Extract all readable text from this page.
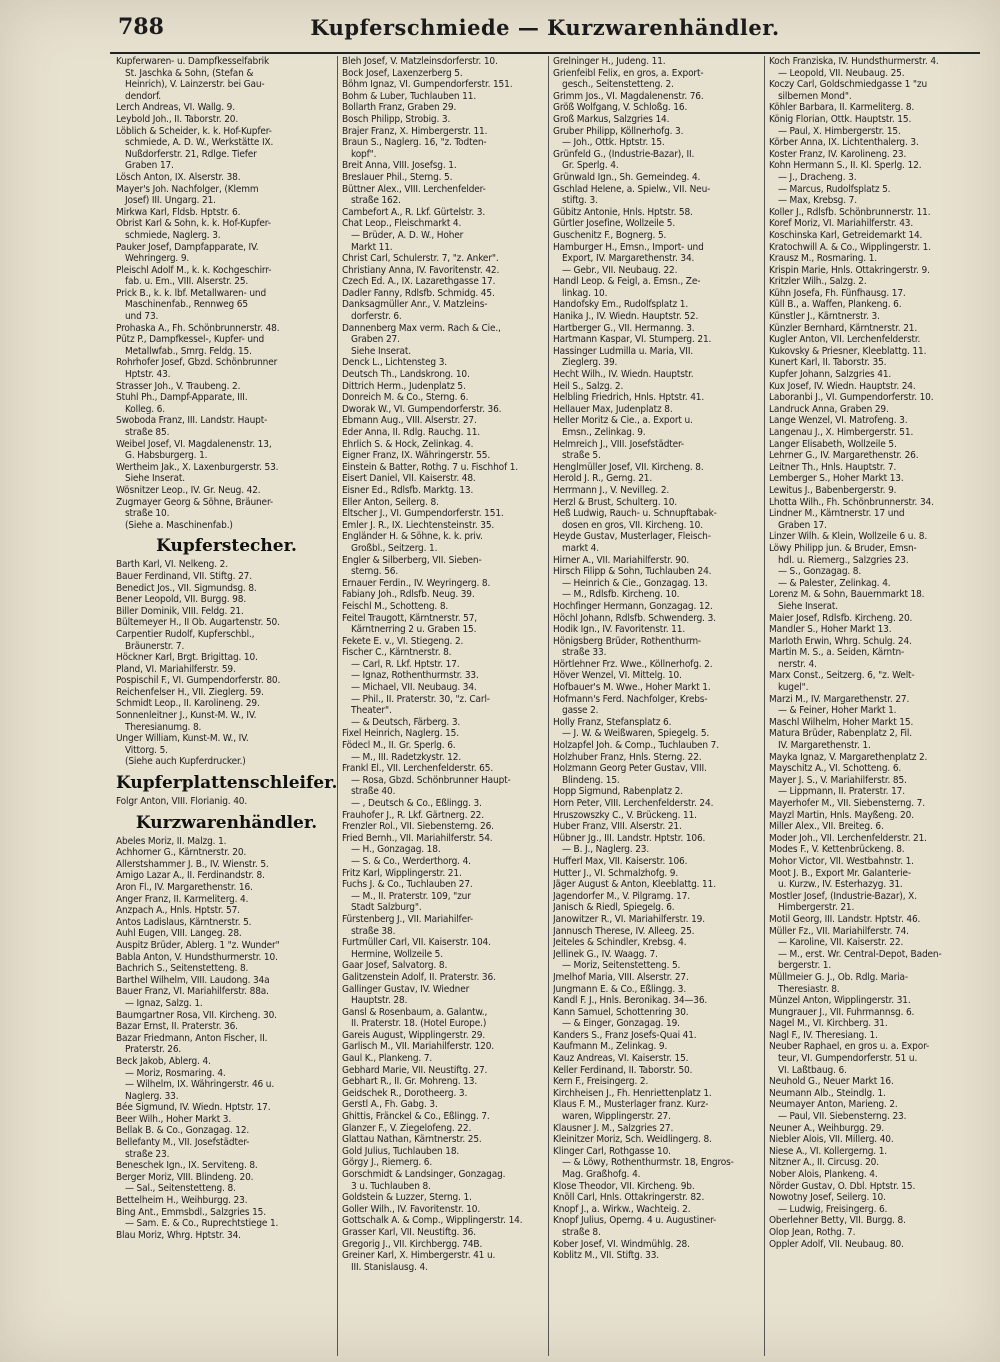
788	Kupferschmiede — Kurzwarenhändler.
Kupferwaren- u. Dampfkesselfabrik
St. Jaschka & Sohn, (Stefan &
Heinrich), V. Lainzerstr. bei Gau-
dendorf.
Lerch Andreas, VI. Wallg. 9.
Leybold Joh., II. Taborstr. 20.
Löblich & Scheider, k. k. Hof-Kupfer-
schmiede, A. D. W., Werkstätte IX.
Nußdorferstr. 21, Rdlge. Tiefer
Graben 17.
Lösch Anton, IX. Alserstr. 38.
Mayer's Joh. Nachfolger, (Klemm
Josef) III. Ungarg. 21.
Mirkwa Karl, Fldsb. Hptstr. 6.
Obrist Karl & Sohn, k. k. Hof-Kupfer-
schmiede, Naglerg. 3.
Pauker Josef, Dampfapparate, IV.
Wehringerg. 9.
Pleischl Adolf M., k. k. Kochgeschirr-
fab. u. Em., VIII. Alserstr. 25.
Prick B., k. k. lbf. Metallwaren- und
Maschinenfab., Rennweg 65
und 73.
Prohaska A., Fh. Schönbrunnerstr. 48.
Pütz P., Dampfkessel-, Kupfer- und
Metallwfab., Smrg. Feldg. 15.
Rohrhofer Josef, Gbzd. Schönbrunner
Hptstr. 43.
Strasser Joh., V. Traubeng. 2.
Stuhl Ph., Dampf-Apparate, III.
Kolleg. 6.
Swoboda Franz, III. Landstr. Haupt-
straße 85.
Weibel Josef, VI. Magdalenenstr. 13,
G. Habsburgerg. 1.
Wertheim Jak., X. Laxenburgerstr. 53.
Siehe Inserat.
Wösnitzer Leop., IV. Gr. Neug. 42.
Zugmayer Georg & Söhne, Bräuner-
straße 10.
(Siehe a. Maschinenfab.)
Kupferstecher.
Barth Karl, VI. Nelkeng. 2.
Bauer Ferdinand, VII. Stiftg. 27.
Benedict Jos., VII. Sigmundsg. 8.
Bener Leopold, VII. Burgg. 98.
Biller Dominik, VIII. Feldg. 21.
Bültemeyer H., II Ob. Augartenstr. 50.
Carpentier Rudolf, Kupferschbl.,
Bräunerstr. 7.
Höckner Karl, Brgt. Brigittag. 10.
Pland, VI. Mariahilferstr. 59.
Pospischil F., VI. Gumpendorferstr. 80.
Reichenfelser H., VII. Zieglerg. 59.
Schmidt Leop., II. Karolineng. 29.
Sonnenleitner J., Kunst-M. W., IV.
Theresianumg. 8.
Unger William, Kunst-M. W., IV.
Vittorg. 5.
(Siehe auch Kupferdrucker.)
Kupferplattenschleifer.
Folgr Anton, VIII. Florianig. 40.
Kurzwarenhändler.
Abeles Moriz, II. Malzg. 1.
Achhorner G., Kärntnerstr. 20.
Allerstshammer J. B., IV. Wienstr. 5.
Amigo Lazar A., II. Ferdinandstr. 8.
Aron Fl., IV. Margarethenstr. 16.
Anger Franz, II. Karmeliterg. 4.
Anzpach A., Hnls. Hptstr. 57.
Antos Ladislaus, Kärntnerstr. 5.
Auhl Eugen, VIII. Langeg. 28.
Auspitz Brüder, Ablerg. 1 "z. Wunder"
Babla Anton, V. Hundsthurmerstr. 10.
Bachrich S., Seitenstetteng. 8.
Barthel Wilhelm, VIII. Laudong. 34a
Bauer Franz, VI. Mariahilferstr. 88a.
— Ignaz, Salzg. 1.
Baumgartner Rosa, VII. Kircheng. 30.
Bazar Ernst, II. Praterstr. 36.
Bazar Friedmann, Anton Fischer, II.
Praterstr. 26.
Beck Jakob, Ablerg. 4.
— Moriz, Rosmaring. 4.
— Wilhelm, IX. Währingerstr. 46 u.
Naglerg. 33.
Bée Sigmund, IV. Wiedn. Hptstr. 17.
Beer Wilh., Hoher Markt 3.
Bellak B. & Co., Gonzagag. 12.
Bellefanty M., VII. Josefstädter-
straße 23.
Beneschek Ign., IX. Serviteng. 8.
Berger Moriz, VIII. Blindeng. 20.
— Sal., Seitenstetteng. 8.
Bettelheim H., Weihburgg. 23.
Bing Ant., Emmsbdl., Salzgries 15.
— Sam. E. & Co., Ruprechtstiege 1.
Blau Moriz, Whrg. Hptstr. 34.
Bleh Josef, V. Matzleinsdorferstr. 10.
Bock Josef, Laxenzerberg 5.
Böhm Ignaz, VI. Gumpendorferstr. 151.
Bohm & Luber, Tuchlauben 11.
Bollarth Franz, Graben 29.
Bosch Philipp, Strobig. 3.
Brajer Franz, X. Himbergerstr. 11.
Braun S., Naglerg. 16, "z. Todten-
kopf".
Breit Anna, VIII. Josefsg. 1.
Breslauer Phil., Sterng. 5.
Büttner Alex., VIII. Lerchenfelder-
straße 162.
Cambefort A., R. Lkf. Gürtelstr. 3.
Chat Leop., Fleischmarkt 4.
— Brüder, A. D. W., Hoher
Markt 11.
Christ Carl, Schulerstr. 7, "z. Anker".
Christiany Anna, IV. Favoritenstr. 42.
Czech Ed. A., IX. Lazarethgasse 17.
Dadler Fanny, Rdlsfb. Schmidg. 45.
Danksagmüller Anr., V. Matzleins-
dorferstr. 6.
Dannenberg Max verm. Rach & Cie.,
Graben 27.
Siehe Inserat.
Denck L., Lichtensteg 3.
Deutsch Th., Landskrong. 10.
Dittrich Herm., Judenplatz 5.
Donreich M. & Co., Sterng. 6.
Dworak W., VI. Gumpendorferstr. 36.
Ebmann Aug., VIII. Alserstr. 27.
Eder Anna, II. Rdlg. Rauchg. 11.
Ehrlich S. & Hock, Zelinkag. 4.
Eigner Franz, IX. Währingerstr. 55.
Einstein & Batter, Rothg. 7 u. Fischhof 1.
Eisert Daniel, VII. Kaiserstr. 48.
Eisner Ed., Rdlsfb. Marktg. 13.
Eller Anton, Seilerg. 8.
Eltscher J., VI. Gumpendorferstr. 151.
Emler J. R., IX. Liechtensteinstr. 35.
Engländer H. & Söhne, k. k. priv.
Großbl., Seitzerg. 1.
Engler & Silberberg, VII. Sieben-
sterng. 56.
Ernauer Ferdin., IV. Weyringerg. 8.
Fabiany Joh., Rdlsfb. Neug. 39.
Feischl M., Schotteng. 8.
Feitel Traugott, Kärntnerstr. 57,
Kärntnerring 2 u. Graben 15.
Fekete E. v., VI. Stiegeng. 2.
Fischer C., Kärntnerstr. 8.
— Carl, R. Lkf. Hptstr. 17.
— Ignaz, Rothenthurmstr. 33.
— Michael, VII. Neubaug. 34.
— Phil., II. Praterstr. 30, "z. Carl-
Theater".
— & Deutsch, Färberg. 3.
Fixel Heinrich, Naglerg. 15.
Födecl M., II. Gr. Sperlg. 6.
— M., III. Radetzkystr. 12.
Frankl El., VII. Lerchenfelderstr. 65.
— Rosa, Gbzd. Schönbrunner Haupt-
straße 40.
— , Deutsch & Co., Eßlingg. 3.
Frauhofer J., R. Lkf. Gärtnerg. 22.
Frenzler Rol., VII. Siebensterng. 26.
Fried Bernh., VII. Mariahilferstr. 54.
— H., Gonzagag. 18.
— S. & Co., Werderthorg. 4.
Fritz Karl, Wipplingerstr. 21.
Fuchs J. & Co., Tuchlauben 27.
— M., II. Praterstr. 109, "zur
Stadt Salzburg".
Fürstenberg J., VII. Mariahilfer-
straße 38.
Furtmüller Carl, VII. Kaiserstr. 104.
Hermine, Wollzeile 5.
Gaar Josef, Salvatorg. 8.
Galitzenstein Adolf, II. Praterstr. 36.
Gallinger Gustav, IV. Wiedner
Hauptstr. 28.
Gansl & Rosenbaum, a. Galantw.,
II. Praterstr. 18. (Hotel Europe.)
Gareis August, Wipplingerstr. 29.
Garlisch M., VII. Mariahilferstr. 120.
Gaul K., Plankeng. 7.
Gebhard Marie, VII. Neustiftg. 27.
Gebhart R., II. Gr. Mohreng. 13.
Geidschek R., Dorotheerg. 3.
Gerstl A., Fh. Gabg. 3.
Ghittis, Fränckel & Co., Eßlingg. 7.
Glanzer F., V. Ziegelofeng. 22.
Glattau Nathan, Kärntnerstr. 25.
Gold Julius, Tuchlauben 18.
Görgy J., Riemerg. 6.
Gorschmidt & Landsinger, Gonzagag.
3 u. Tuchlauben 8.
Goldstein & Luzzer, Sterng. 1.
Goller Wilh., IV. Favoritenstr. 10.
Gottschalk A. & Comp., Wipplingerstr. 14.
Grasser Karl, VII. Neustiftg. 36.
Gregorig J., VII. Kirchbergg. 74B.
Greiner Karl, X. Himbergerstr. 41 u.
III. Stanislausg. 4.
Grelninger H., Judeng. 11.
Grienfeibl Felix, en gros, a. Export-
gesch., Seitenstetteng. 2.
Grimm Jos., VI. Magdalenenstr. 76.
Größ Wolfgang, V. Schloßg. 16.
Groß Markus, Salzgries 14.
Gruber Philipp, Köllnerhofg. 3.
— Joh., Ottk. Hptstr. 15.
Grünfeld G., (Industrie-Bazar), II.
Gr. Sperlg. 4.
Grünwald Ign., Sh. Gemeindeg. 4.
Gschlad Helene, a. Spielw., VII. Neu-
stiftg. 3.
Gübitz Antonie, Hnls. Hptstr. 58.
Gürtler Josefine, Wollzeile 5.
Guschenitz F., Bognerg. 5.
Hamburger H., Emsn., Import- und
Export, IV. Margarethenstr. 34.
— Gebr., VII. Neubaug. 22.
Handl Leop. & Feigl, a. Emsn., Ze-
linkag. 10.
Handofsky Em., Rudolfsplatz 1.
Hanika J., IV. Wiedn. Hauptstr. 52.
Hartberger G., VII. Hermanng. 3.
Hartmann Kaspar, VI. Stumperg. 21.
Hassinger Ludmilla u. Maria, VII.
Zieglerg. 39.
Hecht Wilh., IV. Wiedn. Hauptstr.
Heil S., Salzg. 2.
Helbling Friedrich, Hnls. Hptstr. 41.
Hellauer Max, Judenplatz 8.
Heller Moritz & Cie., a. Export u.
Emsn., Zelinkag. 9.
Helmreich J., VIII. Josefstädter-
straße 5.
Henglmüller Josef, VII. Kircheng. 8.
Herold J. R., Gerng. 21.
Herrmann J., V. Nevilleg. 2.
Herzl & Brust, Schulterg. 10.
Heß Ludwig, Rauch- u. Schnupftabak-
dosen en gros, VII. Kircheng. 10.
Heyde Gustav, Musterlager, Fleisch-
markt 4.
Hirner A., VII. Mariahilferstr. 90.
Hirsch Filipp & Sohn, Tuchlauben 24.
— Heinrich & Cie., Gonzagag. 13.
— M., Rdlsfb. Kircheng. 10.
Hochfinger Hermann, Gonzagag. 12.
Höchl Johann, Rdlsfb. Schwenderg. 3.
Hodik Ign., IV. Favoritenstr. 11.
Hönigsberg Brüder, Rothenthurm-
straße 33.
Hörtlehner Frz. Wwe., Köllnerhofg. 2.
Höver Wenzel, VI. Mittelg. 10.
Hofbauer's M. Wwe., Hoher Markt 1.
Hofmann's Ferd. Nachfolger, Krebs-
gasse 2.
Holly Franz, Stefansplatz 6.
— J. W. & Weißwaren, Spiegelg. 5.
Holzapfel Joh. & Comp., Tuchlauben 7.
Holzhuber Franz, Hnls. Sterng. 22.
Holzmann Georg Peter Gustav, VIII.
Blindeng. 15.
Hopp Sigmund, Rabenplatz 2.
Horn Peter, VIII. Lerchenfelderstr. 24.
Hruszowszky C., V. Brückeng. 11.
Huber Franz, VIII. Alserstr. 21.
Hübner Jg., III. Landstr. Hptstr. 106.
— B. J., Naglerg. 23.
Hufferl Max, VII. Kaiserstr. 106.
Hutter J., VI. Schmalzhofg. 9.
Jäger August & Anton, Kleeblattg. 11.
Jagendorfer M., V. Pilgramg. 17.
Janisch & Riedl, Spiegelg. 6.
Janowitzer R., VI. Mariahilferstr. 19.
Jannusch Therese, IV. Alleeg. 25.
Jeiteles & Schindler, Krebsg. 4.
Jellinek G., IV. Waagg. 7.
— Moriz, Seitenstetteng. 5.
Jmelhof Maria, VIII. Alserstr. 27.
Jungmann E. & Co., Eßlingg. 3.
Kandl F. J., Hnls. Beronikag. 34—36.
Kann Samuel, Schottenring 30.
— & Einger, Gonzagag. 19.
Kanders S., Franz Josefs-Quai 41.
Kaufmann M., Zelinkag. 9.
Kauz Andreas, VI. Kaiserstr. 15.
Keller Ferdinand, II. Taborstr. 50.
Kern F., Freisingerg. 2.
Kirchheisen J., Fh. Henriettenplatz 1.
Klaus F. M., Musterlager franz. Kurz-
waren, Wipplingerstr. 27.
Klausner J. M., Salzgries 27.
Kleinitzer Moriz, Sch. Weidlingerg. 8.
Klinger Carl, Rothgasse 10.
— & Löwy, Rothenthurmstr. 18, Engros-
Mag. Graßhofg. 4.
Klose Theodor, VII. Kircheng. 9b.
Knöll Carl, Hnls. Ottakringerstr. 82.
Knopf J., a. Wirkw., Wachteig. 2.
Knopf Julius, Operng. 4 u. Augustiner-
straße 8.
Kober Josef, VI. Windmühlg. 28.
Koblitz M., VII. Stiftg. 33.
Koch Franziska, IV. Hundsthurmerstr. 4.
— Leopold, VII. Neubaug. 25.
Koczy Carl, Goldschmiedgasse 1 "zu
silbernen Mond".
Köhler Barbara, II. Karmeliterg. 8.
König Florian, Ottk. Hauptstr. 15.
— Paul, X. Himbergerstr. 15.
Körber Anna, IX. Lichtenthalerg. 3.
Koster Franz, IV. Karolineng. 23.
Kohn Hermann S., II. Kl. Sperlg. 12.
— J., Dracheng. 3.
— Marcus, Rudolfsplatz 5.
— Max, Krebsg. 7.
Koller J., Rdlsfb. Schönbrunnerstr. 11.
Koref Moriz, VI. Mariahilferstr. 43.
Koschinska Karl, Getreidemarkt 14.
Kratochwill A. & Co., Wipplingerstr. 1.
Krausz M., Rosmaring. 1.
Krispin Marie, Hnls. Ottakringerstr. 9.
Kritzler Wilh., Salzg. 2.
Kühn Josefa, Fh. Fünfhausg. 17.
Küll B., a. Waffen, Plankeng. 6.
Künstler J., Kärntnerstr. 3.
Künzler Bernhard, Kärntnerstr. 21.
Kugler Anton, VII. Lerchenfelderstr.
Kukovsky & Priesner, Kleeblattg. 11.
Kunert Karl, II. Taborstr. 35.
Kupfer Johann, Salzgries 41.
Kux Josef, IV. Wiedn. Hauptstr. 24.
Laboranbi J., VI. Gumpendorferstr. 10.
Landruck Anna, Graben 29.
Lange Wenzel, VI. Matrofeng. 3.
Langenau J., X. Himbergerstr. 51.
Langer Elisabeth, Wollzeile 5.
Lehrner G., IV. Margarethenstr. 26.
Leitner Th., Hnls. Hauptstr. 7.
Lemberger S., Hoher Markt 13.
Lewitus J., Babenbergerstr. 9.
Lhotta Wilh., Fh. Schönbrunnerstr. 34.
Lindner M., Kärntnerstr. 17 und
Graben 17.
Linzer Wilh. & Klein, Wollzeile 6 u. 8.
Löwy Philipp jun. & Bruder, Emsn-
hdl. u. Riemerg., Salzgries 23.
— S., Gonzagag. 8.
— & Palester, Zelinkag. 4.
Lorenz M. & Sohn, Bauernmarkt 18.
Siehe Inserat.
Maier Josef, Rdlsfb. Kircheng. 20.
Mandler S., Hoher Markt 13.
Marloth Erwin, Whrg. Schulg. 24.
Martin M. S., a. Seiden, Kärntn-
nerstr. 4.
Marx Const., Seitzerg. 6, "z. Welt-
kugel".
Marzi M., IV. Margarethenstr. 27.
— & Feiner, Hoher Markt 1.
Maschl Wilhelm, Hoher Markt 15.
Matura Brüder, Rabenplatz 2, Fil.
IV. Margarethenstr. 1.
Mayka Ignaz, V. Margarethenplatz 2.
Mayschitz A., VI. Schotteng. 6.
Mayer J. S., V. Mariahilferstr. 85.
— Lippmann, II. Praterstr. 17.
Mayerhofer M., VII. Siebensterng. 7.
Mayzl Martin, Hnls. Mayßeng. 20.
Miller Alex., VII. Breiteg. 6.
Moder Joh., VII. Lerchenfelderstr. 21.
Modes F., V. Kettenbrückeng. 8.
Mohor Victor, VII. Westbahnstr. 1.
Moot J. B., Export Mr. Galanterie-
u. Kurzw., IV. Esterhazyg. 31.
Mostler Josef, (Industrie-Bazar), X.
Himbergerstr. 21.
Motil Georg, III. Landstr. Hptstr. 46.
Müller Fz., VII. Mariahilferstr. 74.
— Karoline, VII. Kaiserstr. 22.
— M., erst. Wr. Central-Depot, Baden-
bergerstr. 1.
Müllmeier G. J., Ob. Rdlg. Maria-
Theresiastr. 8.
Münzel Anton, Wipplingerstr. 31.
Mungrauer J., VII. Fuhrmannsg. 6.
Nagel M., VI. Kirchberg. 31.
Nagl F., IV. Theresiang. 1.
Neuber Raphael, en gros u. a. Expor-
teur, VI. Gumpendorferstr. 51 u.
VI. Laßtbaug. 6.
Neuhold G., Neuer Markt 16.
Neumann Alb., Steindlg. 1.
Neumayer Anton, Marieng. 2.
— Paul, VII. Siebensterng. 23.
Neuner A., Weihburgg. 29.
Niebler Alois, VII. Millerg. 40.
Niese A., VI. Kollergerng. 1.
Nitzner A., II. Circusg. 20.
Nober Alois, Plankeng. 4.
Nörder Gustav, O. Dbl. Hptstr. 15.
Nowotny Josef, Seilerg. 10.
— Ludwig, Freisingerg. 6.
Oberlehner Betty, VII. Burgg. 8.
Olop Jean, Rothg. 7.
Oppler Adolf, VII. Neubaug. 80.
